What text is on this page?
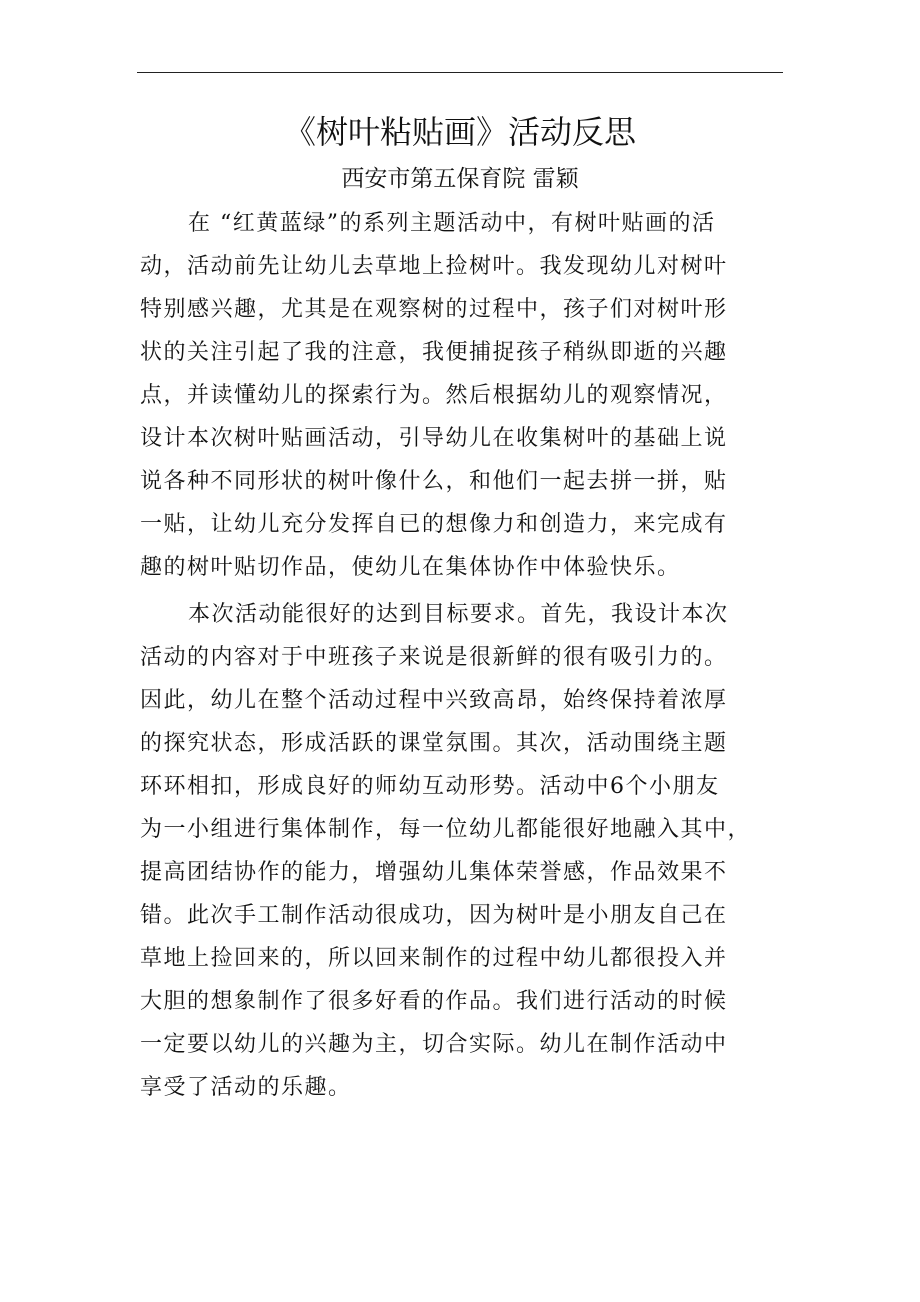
《树叶粘贴画》活动反思
西安市第五保育院 雷颖
在 “红黄蓝绿”的系列主题活动中，有树叶贴画的活
动，活动前先让幼儿去草地上捡树叶。我发现幼儿对树叶
特别感兴趣，尤其是在观察树的过程中，孩子们对树叶形
状的关注引起了我的注意，我便捕捉孩子稍纵即逝的兴趣
点，并读懂幼儿的探索行为。然后根据幼儿的观察情况，
设计本次树叶贴画活动，引导幼儿在收集树叶的基础上说
说各种不同形状的树叶像什么，和他们一起去拼一拼，贴
一贴，让幼儿充分发挥自已的想像力和创造力，来完成有
趣的树叶贴切作品，使幼儿在集体协作中体验快乐。
本次活动能很好的达到目标要求。首先，我设计本次
活动的内容对于中班孩子来说是很新鲜的很有吸引力的。
因此，幼儿在整个活动过程中兴致高昂，始终保持着浓厚
的探究状态，形成活跃的课堂氛围。其次，活动围绕主题
环环相扣，形成良好的师幼互动形势。活动中6个小朋友
为一小组进行集体制作，每一位幼儿都能很好地融入其中，
提高团结协作的能力，增强幼儿集体荣誉感，作品效果不
错。此次手工制作活动很成功，因为树叶是小朋友自己在
草地上捡回来的，所以回来制作的过程中幼儿都很投入并
大胆的想象制作了很多好看的作品。我们进行活动的时候
一定要以幼儿的兴趣为主，切合实际。幼儿在制作活动中
享受了活动的乐趣。
